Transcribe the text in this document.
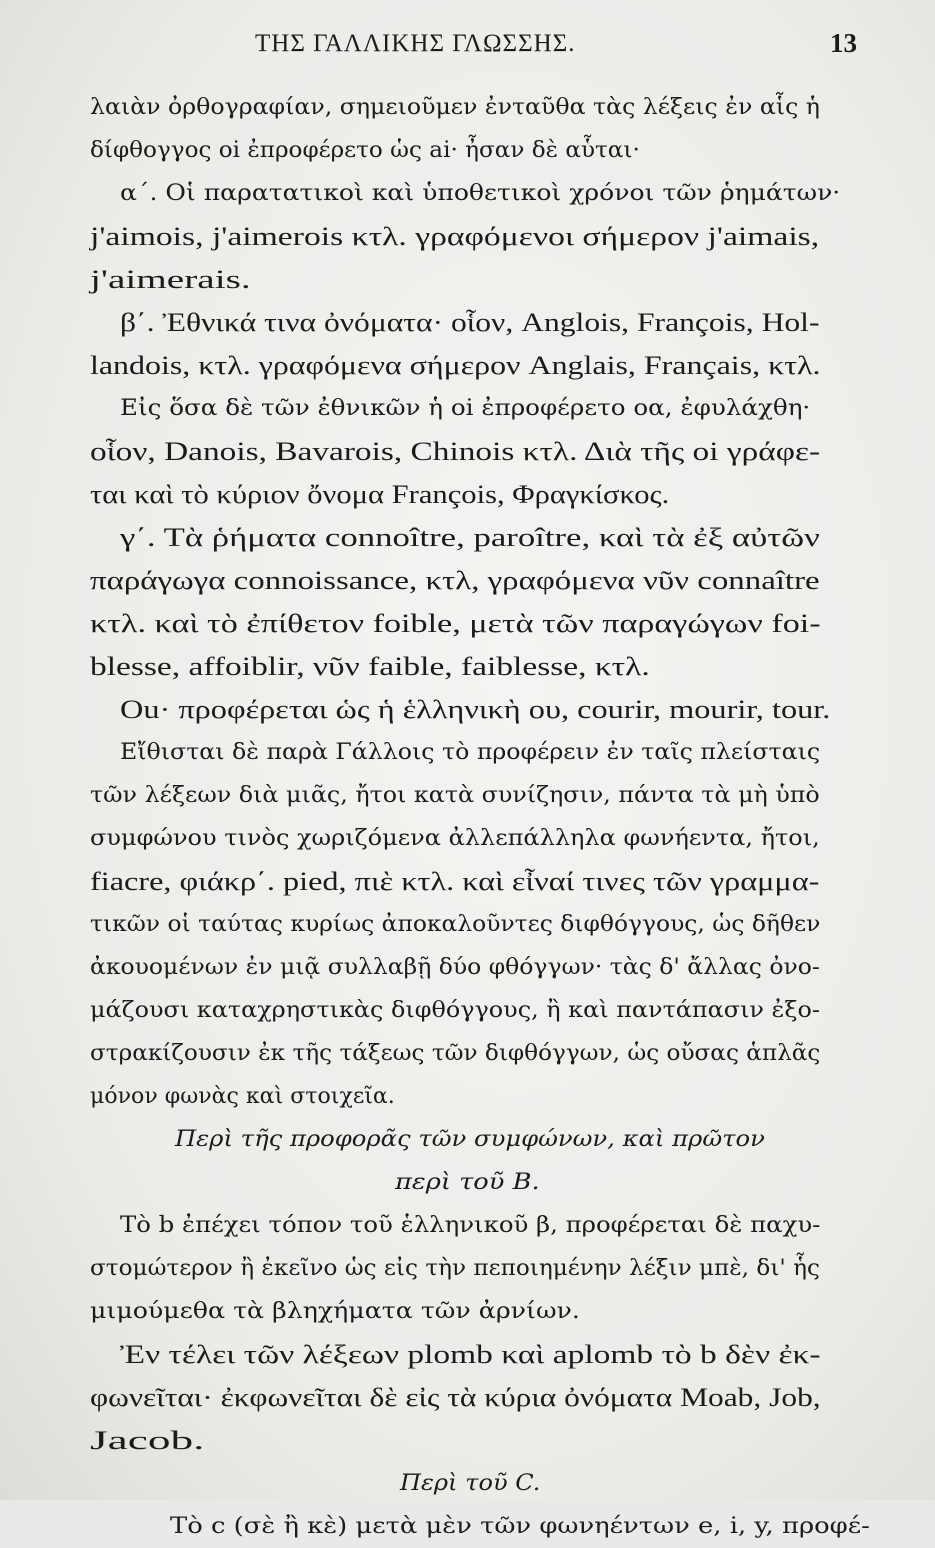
ΤΗΣ ΓΑΛΛΙΚΗΣ ΓΛΩΣΣΗΣ.	13
λαιὰν ὀρθογραφίαν, σημειοῦμεν ἐνταῦθα τὰς λέξεις ἐν αἷς ἡ
δίφθογγος oi ἐπροφέρετο ὡς ai· ἦσαν δὲ αὗται·
α΄. Οἱ παρατατικοὶ καὶ ὑποθετικοὶ χρόνοι τῶν ῥημάτων·
j'aimois, j'aimerois κτλ. γραφόμενοι σήμερον j'aimais,
j'aimerais.
β΄. Ἐθνικά τινα ὀνόματα· οἷον, Anglois, François, Hol-
landois, κτλ. γραφόμενα σήμερον Anglais, Français, κτλ.
Εἰς ὅσα δὲ τῶν ἐθνικῶν ἡ oi ἐπροφέρετο οα, ἐφυλάχθη·
οἷον, Danois, Bavarois, Chinois κτλ. Διὰ τῆς oi γράφε-
ται καὶ τὸ κύριον ὄνομα François, Φραγκίσκος.
γ΄. Τὰ ῥήματα connoître, paroître, καὶ τὰ ἐξ αὐτῶν
παράγωγα connoissance, κτλ, γραφόμενα νῦν connaître
κτλ. καὶ τὸ ἐπίθετον foible, μετὰ τῶν παραγώγων foi-
blesse, affoiblir, νῦν faible, faiblesse, κτλ.
Ou· προφέρεται ὡς ἡ ἑλληνικὴ ου, courir, mourir, tour.
Εἴθισται δὲ παρὰ Γάλλοις τὸ προφέρειν ἐν ταῖς πλείσταις
τῶν λέξεων διὰ μιᾶς, ἤτοι κατὰ συνίζησιν, πάντα τὰ μὴ ὑπὸ
συμφώνου τινὸς χωριζόμενα ἀλλεπάλληλα φωνήεντα, ἤτοι,
fiacre, φιάκρ΄. pied, πιὲ κτλ. καὶ εἶναί τινες τῶν γραμμα-
τικῶν οἱ ταύτας κυρίως ἀποκαλοῦντες διφθόγγους, ὡς δῆθεν
ἀκουομένων ἐν μιᾷ συλλαβῇ δύο φθόγγων· τὰς δ' ἄλλας ὀνο-
μάζουσι καταχρηστικὰς διφθόγγους, ἢ καὶ παντάπασιν ἐξο-
στρακίζουσιν ἐκ τῆς τάξεως τῶν διφθόγγων, ὡς οὔσας ἁπλᾶς
μόνον φωνὰς καὶ στοιχεῖα.
Περὶ τῆς προφορᾶς τῶν συμφώνων, καὶ πρῶτον
περὶ τοῦ B.
Τὸ b ἐπέχει τόπον τοῦ ἑλληνικοῦ β, προφέρεται δὲ παχυ-
στομώτερον ἢ ἐκεῖνο ὡς εἰς τὴν πεποιημένην λέξιν μπὲ, δι' ἧς
μιμούμεθα τὰ βληχήματα τῶν ἀρνίων.
Ἐν τέλει τῶν λέξεων plomb καὶ aplomb τὸ b δὲν ἐκ-
φωνεῖται· ἐκφωνεῖται δὲ εἰς τὰ κύρια ὀνόματα Moab, Job,
Jacob.
Περὶ τοῦ C.
Τὸ c (σὲ ἢ κὲ) μετὰ μὲν τῶν φωνηέντων e, i, y, προφέ-
